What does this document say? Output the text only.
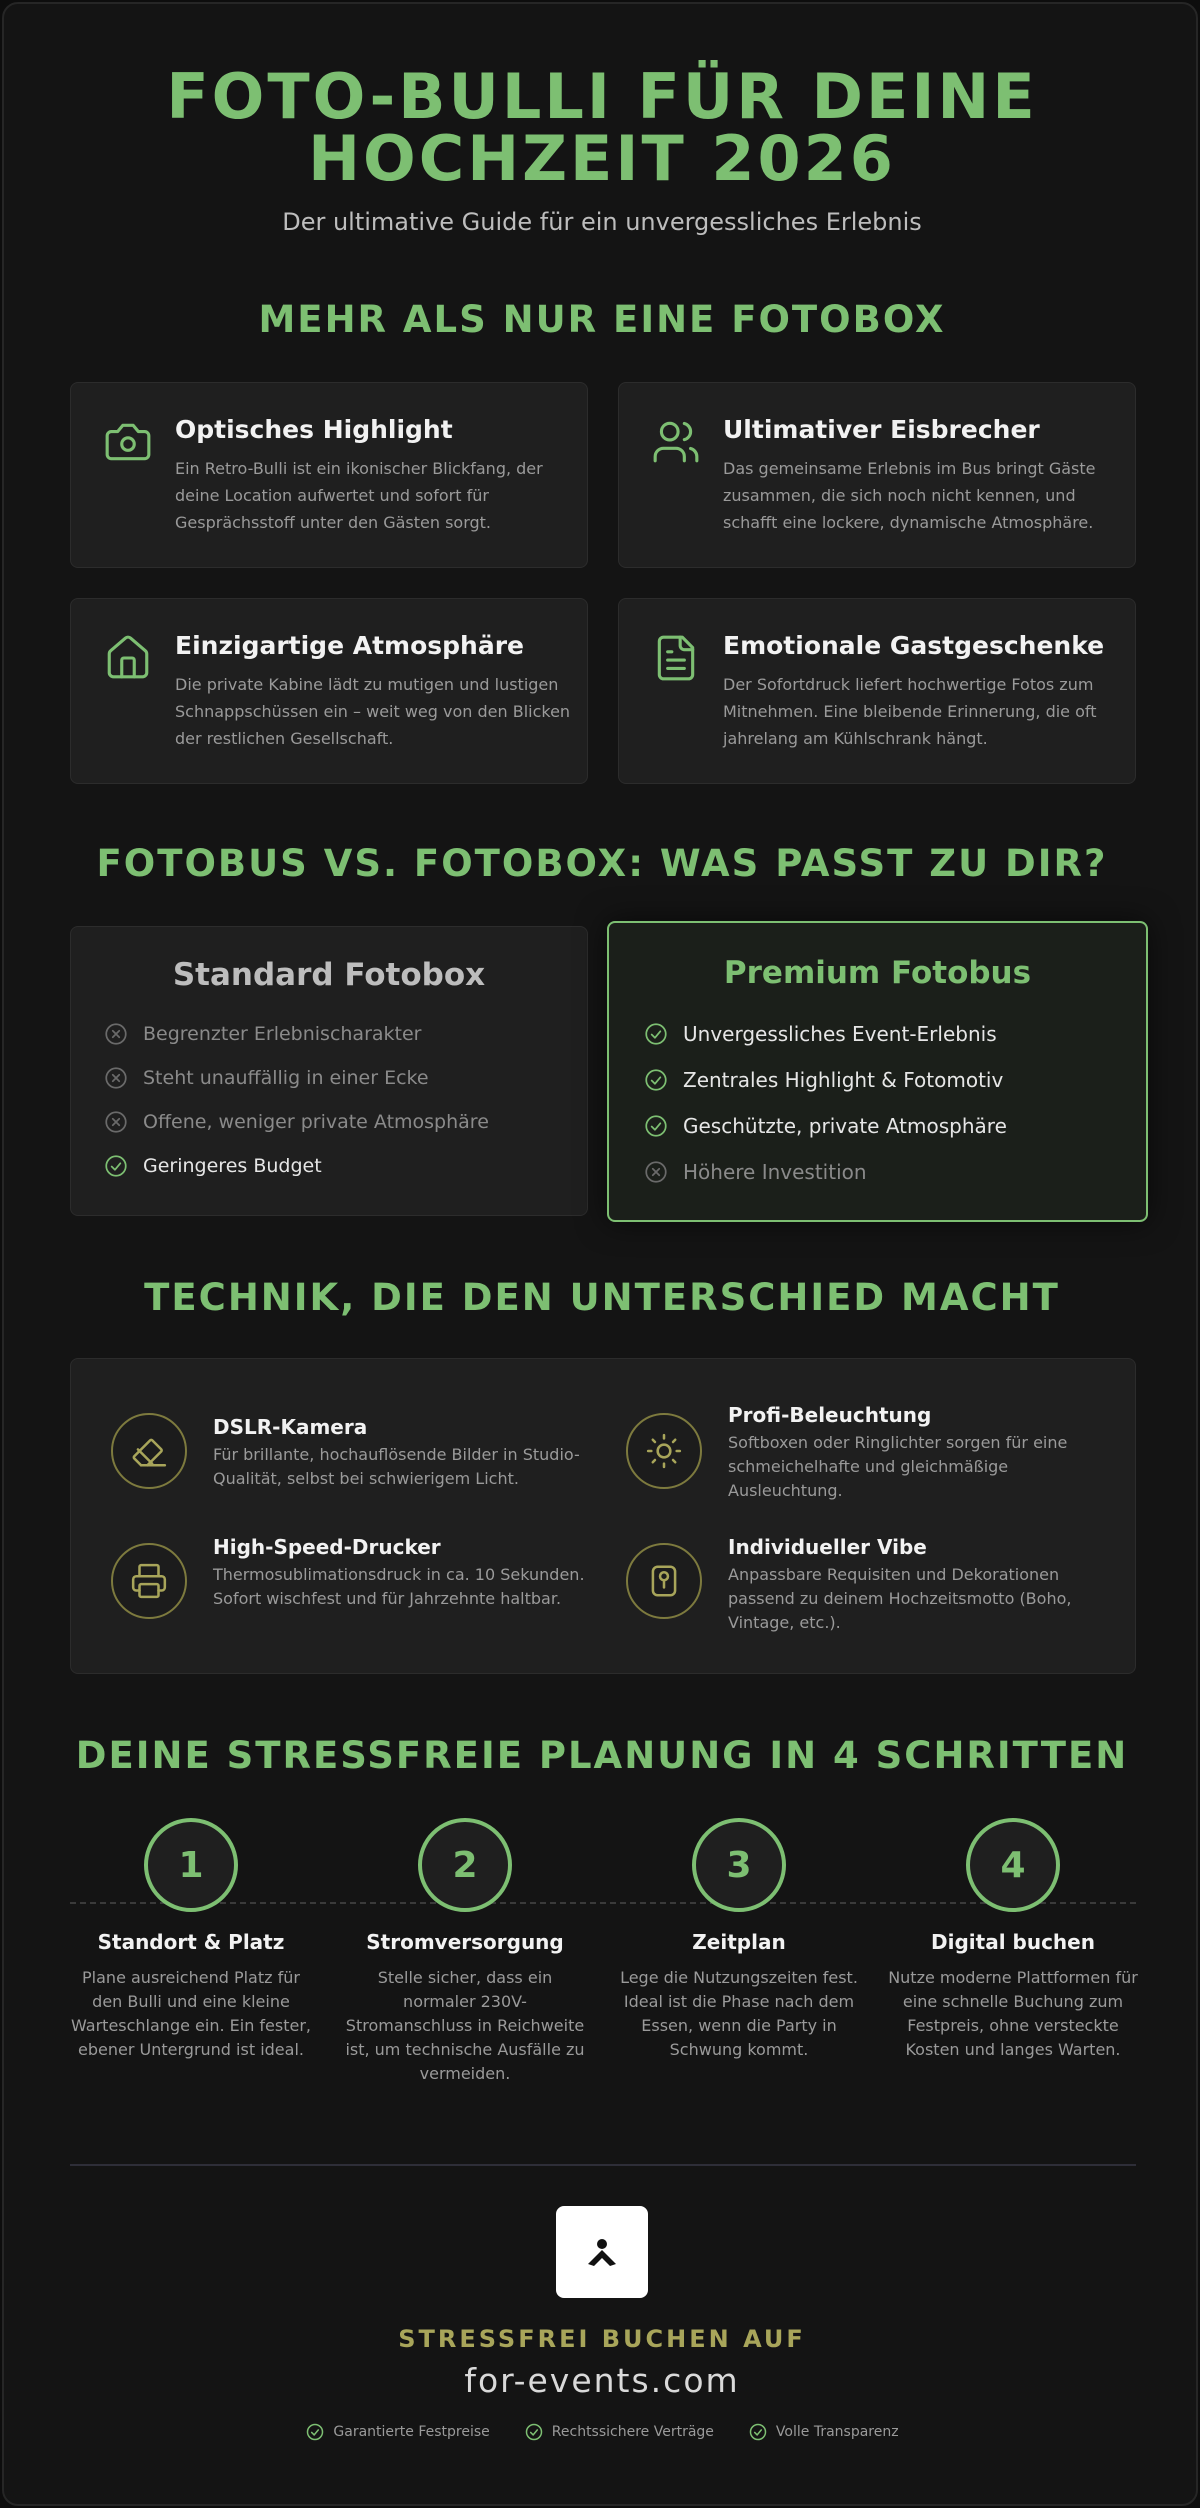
FOTO-BULLI FÜR DEINE
HOCHZEIT 2026
Der ultimative Guide für ein unvergessliches Erlebnis
MEHR ALS NUR EINE FOTOBOX
Optisches Highlight
Ein Retro-Bulli ist ein ikonischer Blickfang, der deine Location aufwertet und sofort für Gesprächsstoff unter den Gästen sorgt.
Ultimativer Eisbrecher
Das gemeinsame Erlebnis im Bus bringt Gäste zusammen, die sich noch nicht kennen, und schafft eine lockere, dynamische Atmosphäre.
Einzigartige Atmosphäre
Die private Kabine lädt zu mutigen und lustigen Schnappschüssen ein – weit weg von den Blicken der restlichen Gesellschaft.
Emotionale Gastgeschenke
Der Sofortdruck liefert hochwertige Fotos zum Mitnehmen. Eine bleibende Erinnerung, die oft jahrelang am Kühlschrank hängt.
FOTOBUS VS. FOTOBOX: WAS PASST ZU DIR?
Standard Fotobox
Begrenzter Erlebnischarakter
Steht unauffällig in einer Ecke
Offene, weniger private Atmosphäre
Geringeres Budget
Premium Fotobus
Unvergessliches Event-Erlebnis
Zentrales Highlight & Fotomotiv
Geschützte, private Atmosphäre
Höhere Investition
TECHNIK, DIE DEN UNTERSCHIED MACHT
DSLR-Kamera
Für brillante, hochauflösende Bilder in Studio-Qualität, selbst bei schwierigem Licht.
Profi-Beleuchtung
Softboxen oder Ringlichter sorgen für eine schmeichelhafte und gleichmäßige Ausleuchtung.
High-Speed-Drucker
Thermosublimationsdruck in ca. 10 Sekunden. Sofort wischfest und für Jahrzehnte haltbar.
Individueller Vibe
Anpassbare Requisiten und Dekorationen passend zu deinem Hochzeitsmotto (Boho, Vintage, etc.).
DEINE STRESSFREIE PLANUNG IN 4 SCHRITTEN
1
Standort & Platz
Plane ausreichend Platz für den Bulli und eine kleine Warteschlange ein. Ein fester, ebener Untergrund ist ideal.
2
Stromversorgung
Stelle sicher, dass ein normaler 230V-Stromanschluss in Reichweite ist, um technische Ausfälle zu vermeiden.
3
Zeitplan
Lege die Nutzungszeiten fest. Ideal ist die Phase nach dem Essen, wenn die Party in Schwung kommt.
4
Digital buchen
Nutze moderne Plattformen für eine schnelle Buchung zum Festpreis, ohne versteckte Kosten und langes Warten.
STRESSFREI BUCHEN AUF
for-events.com
Garantierte Festpreise	Rechtssichere Verträge	Volle Transparenz
